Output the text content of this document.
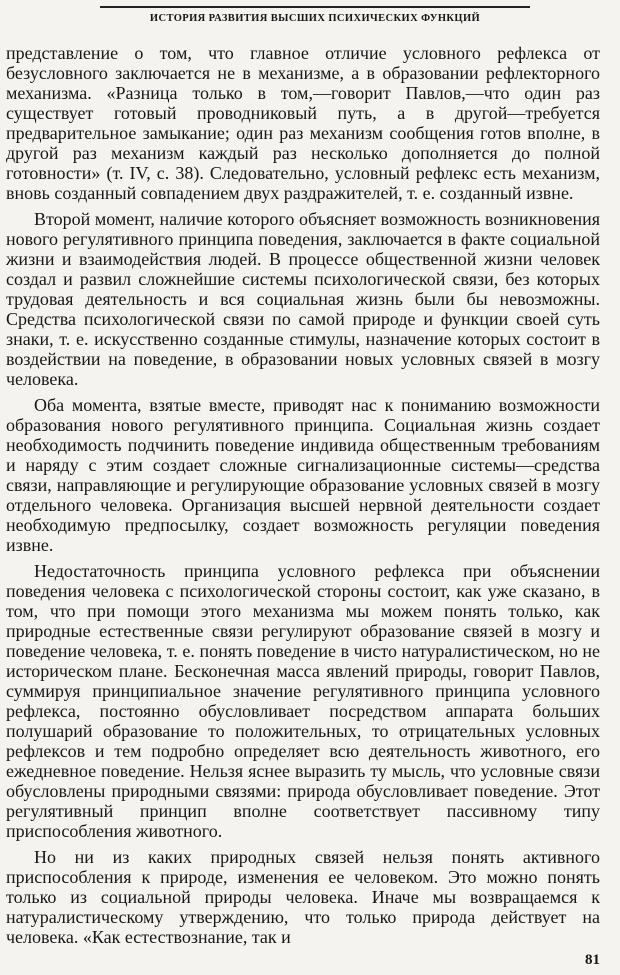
ИСТОРИЯ РАЗВИТИЯ ВЫСШИХ ПСИХИЧЕСКИХ ФУНКЦИЙ

представление о том, что главное отличие условного рефлекса от безусловного заключается не в механизме, а в образовании рефлекторного механизма. «Разница только в том,—говорит Павлов,—что один раз существует готовый проводниковый путь, а в другой—требуется предварительное замыкание; один раз механизм сообщения готов вполне, в другой раз механизм каждый раз несколько дополняется до полной готовности» (т. IV, с. 38). Следовательно, условный рефлекс есть механизм, вновь созданный совпадением двух раздражителей, т. е. созданный извне.

Второй момент, наличие которого объясняет возможность возникновения нового регулятивного принципа поведения, заключается в факте социальной жизни и взаимодействия людей. В процессе общественной жизни человек создал и развил сложнейшие системы психологической связи, без которых трудовая деятельность и вся социальная жизнь были бы невозможны. Средства психологической связи по самой природе и функции своей суть знаки, т. е. искусственно созданные стимулы, назначение которых состоит в воздействии на поведение, в образовании новых условных связей в мозгу человека.

Оба момента, взятые вместе, приводят нас к пониманию возможности образования нового регулятивного принципа. Социальная жизнь создает необходимость подчинить поведение индивида общественным требованиям и наряду с этим создает сложные сигнализационные системы—средства связи, направляющие и регулирующие образование условных связей в мозгу отдельного человека. Организация высшей нервной деятельности создает необходимую предпосылку, создает возможность регуляции поведения извне.

Недостаточность принципа условного рефлекса при объяснении поведения человека с психологической стороны состоит, как уже сказано, в том, что при помощи этого механизма мы можем понять только, как природные естественные связи регулируют образование связей в мозгу и поведение человека, т. е. понять поведение в чисто натуралистическом, но не историческом плане. Бесконечная масса явлений природы, говорит Павлов, суммируя принципиальное значение регулятивного принципа условного рефлекса, постоянно обусловливает посредством аппарата больших полушарий образование то положительных, то отрицательных условных рефлексов и тем подробно определяет всю деятельность животного, его ежедневное поведение. Нельзя яснее выразить ту мысль, что условные связи обусловлены природными связями: природа обусловливает поведение. Этот регулятивный принцип вполне соответствует пассивному типу приспособления животного.

Но ни из каких природных связей нельзя понять активного приспособления к природе, изменения ее человеком. Это можно понять только из социальной природы человека. Иначе мы возвращаемся к натуралистическому утверждению, что только природа действует на человека. «Как естествознание, так и

81
